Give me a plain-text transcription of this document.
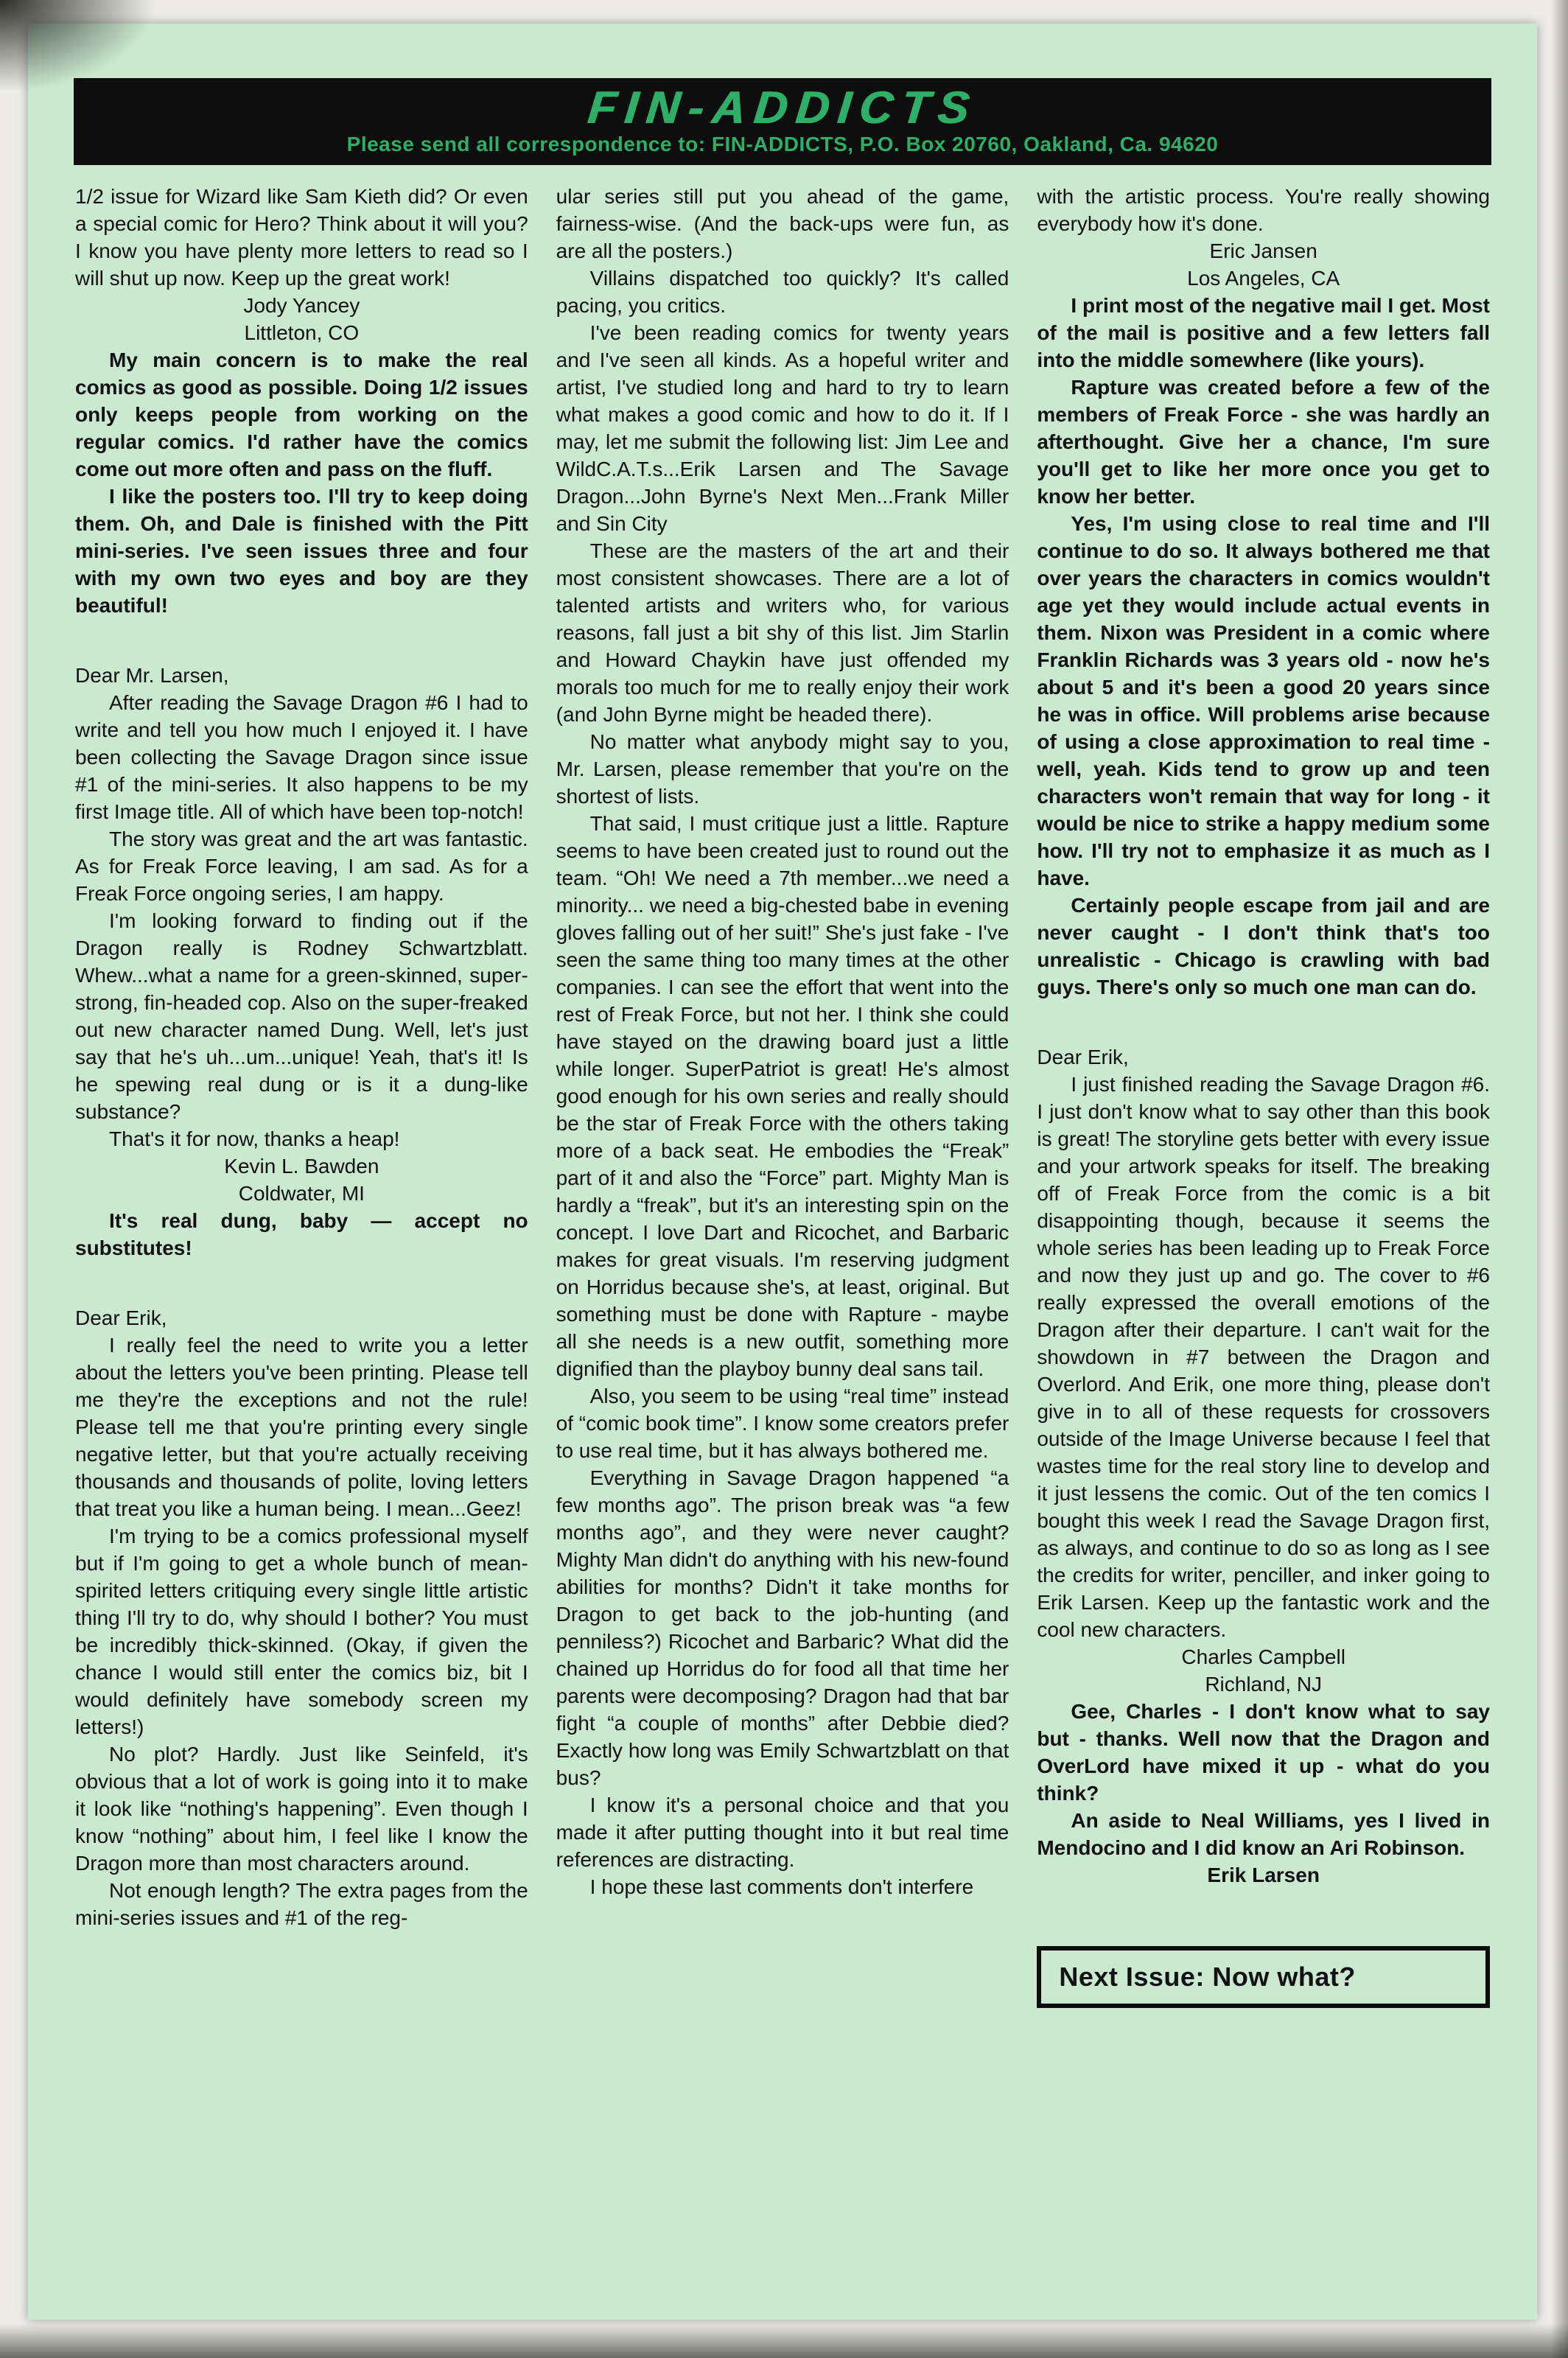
FIN-ADDICTS
Please send all correspondence to: FIN-ADDICTS, P.O. Box 20760, Oakland, Ca. 94620

1/2 issue for Wizard like Sam Kieth did? Or even a special comic for Hero? Think about it will you? I know you have plenty more letters to read so I will shut up now. Keep up the great work!

Jody Yancey

Littleton, CO

My main concern is to make the real comics as good as possible. Doing 1/2 issues only keeps people from working on the regular comics. I'd rather have the comics come out more often and pass on the fluff.

I like the posters too. I'll try to keep doing them. Oh, and Dale is finished with the Pitt mini-series. I've seen issues three and four with my own two eyes and boy are they beautiful!

Dear Mr. Larsen,

After reading the Savage Dragon #6 I had to write and tell you how much I enjoyed it. I have been collecting the Savage Dragon since issue #1 of the mini-series. It also happens to be my first Image title. All of which have been top-notch!

The story was great and the art was fantastic. As for Freak Force leaving, I am sad. As for a Freak Force ongoing series, I am happy.

I'm looking forward to finding out if the Dragon really is Rodney Schwartzblatt. Whew...what a name for a green-skinned, super-strong, fin-headed cop. Also on the super-freaked out new character named Dung. Well, let's just say that he's uh...um...unique! Yeah, that's it! Is he spewing real dung or is it a dung-like substance?

That's it for now, thanks a heap!

Kevin L. Bawden

Coldwater, MI

It's real dung, baby — accept no substitutes!

Dear Erik,

I really feel the need to write you a letter about the letters you've been printing. Please tell me they're the exceptions and not the rule! Please tell me that you're printing every single negative letter, but that you're actually receiving thousands and thousands of polite, loving letters that treat you like a human being. I mean...Geez!

I'm trying to be a comics professional myself but if I'm going to get a whole bunch of mean-spirited letters critiquing every single little artistic thing I'll try to do, why should I bother? You must be incredibly thick-skinned. (Okay, if given the chance I would still enter the comics biz, bit I would definitely have somebody screen my letters!)

No plot? Hardly. Just like Seinfeld, it's obvious that a lot of work is going into it to make it look like “nothing's happening”. Even though I know “nothing” about him, I feel like I know the Dragon more than most characters around.

Not enough length? The extra pages from the mini-series issues and #1 of the reg-

ular series still put you ahead of the game, fairness-wise. (And the back-ups were fun, as are all the posters.)

Villains dispatched too quickly? It's called pacing, you critics.

I've been reading comics for twenty years and I've seen all kinds. As a hopeful writer and artist, I've studied long and hard to try to learn what makes a good comic and how to do it. If I may, let me submit the following list: Jim Lee and WildC.A.T.s...Erik Larsen and The Savage Dragon...John Byrne's Next Men...Frank Miller and Sin City

These are the masters of the art and their most consistent showcases. There are a lot of talented artists and writers who, for various reasons, fall just a bit shy of this list. Jim Starlin and Howard Chaykin have just offended my morals too much for me to really enjoy their work (and John Byrne might be headed there).

No matter what anybody might say to you, Mr. Larsen, please remember that you're on the shortest of lists.

That said, I must critique just a little. Rapture seems to have been created just to round out the team. “Oh! We need a 7th member...we need a minority... we need a big-chested babe in evening gloves falling out of her suit!” She's just fake - I've seen the same thing too many times at the other companies. I can see the effort that went into the rest of Freak Force, but not her. I think she could have stayed on the drawing board just a little while longer. SuperPatriot is great! He's almost good enough for his own series and really should be the star of Freak Force with the others taking more of a back seat. He embodies the “Freak” part of it and also the “Force” part. Mighty Man is hardly a “freak”, but it's an interesting spin on the concept. I love Dart and Ricochet, and Barbaric makes for great visuals. I'm reserving judgment on Horridus because she's, at least, original. But something must be done with Rapture - maybe all she needs is a new outfit, something more dignified than the playboy bunny deal sans tail.

Also, you seem to be using “real time” instead of “comic book time”. I know some creators prefer to use real time, but it has always bothered me.

Everything in Savage Dragon happened “a few months ago”. The prison break was “a few months ago”, and they were never caught? Mighty Man didn't do anything with his new-found abilities for months? Didn't it take months for Dragon to get back to the job-hunting (and penniless?) Ricochet and Barbaric? What did the chained up Horridus do for food all that time her parents were decomposing? Dragon had that bar fight “a couple of months” after Debbie died? Exactly how long was Emily Schwartzblatt on that bus?

I know it's a personal choice and that you made it after putting thought into it but real time references are distracting.

I hope these last comments don't interfere

with the artistic process. You're really showing everybody how it's done.

Eric Jansen

Los Angeles, CA

I print most of the negative mail I get. Most of the mail is positive and a few letters fall into the middle somewhere (like yours).

Rapture was created before a few of the members of Freak Force - she was hardly an afterthought. Give her a chance, I'm sure you'll get to like her more once you get to know her better.

Yes, I'm using close to real time and I'll continue to do so. It always bothered me that over years the characters in comics wouldn't age yet they would include actual events in them. Nixon was President in a comic where Franklin Richards was 3 years old - now he's about 5 and it's been a good 20 years since he was in office. Will problems arise because of using a close approximation to real time - well, yeah. Kids tend to grow up and teen characters won't remain that way for long - it would be nice to strike a happy medium some how. I'll try not to emphasize it as much as I have.

Certainly people escape from jail and are never caught - I don't think that's too unrealistic - Chicago is crawling with bad guys. There's only so much one man can do.

Dear Erik,

I just finished reading the Savage Dragon #6. I just don't know what to say other than this book is great! The storyline gets better with every issue and your artwork speaks for itself. The breaking off of Freak Force from the comic is a bit disappointing though, because it seems the whole series has been leading up to Freak Force and now they just up and go. The cover to #6 really expressed the overall emotions of the Dragon after their departure. I can't wait for the showdown in #7 between the Dragon and Overlord. And Erik, one more thing, please don't give in to all of these requests for crossovers outside of the Image Universe because I feel that wastes time for the real story line to develop and it just lessens the comic. Out of the ten comics I bought this week I read the Savage Dragon first, as always, and continue to do so as long as I see the credits for writer, penciller, and inker going to Erik Larsen. Keep up the fantastic work and the cool new characters.

Charles Campbell

Richland, NJ

Gee, Charles - I don't know what to say but - thanks. Well now that the Dragon and OverLord have mixed it up - what do you think?

An aside to Neal Williams, yes I lived in Mendocino and I did know an Ari Robinson.

Erik Larsen

Next Issue: Now what?
